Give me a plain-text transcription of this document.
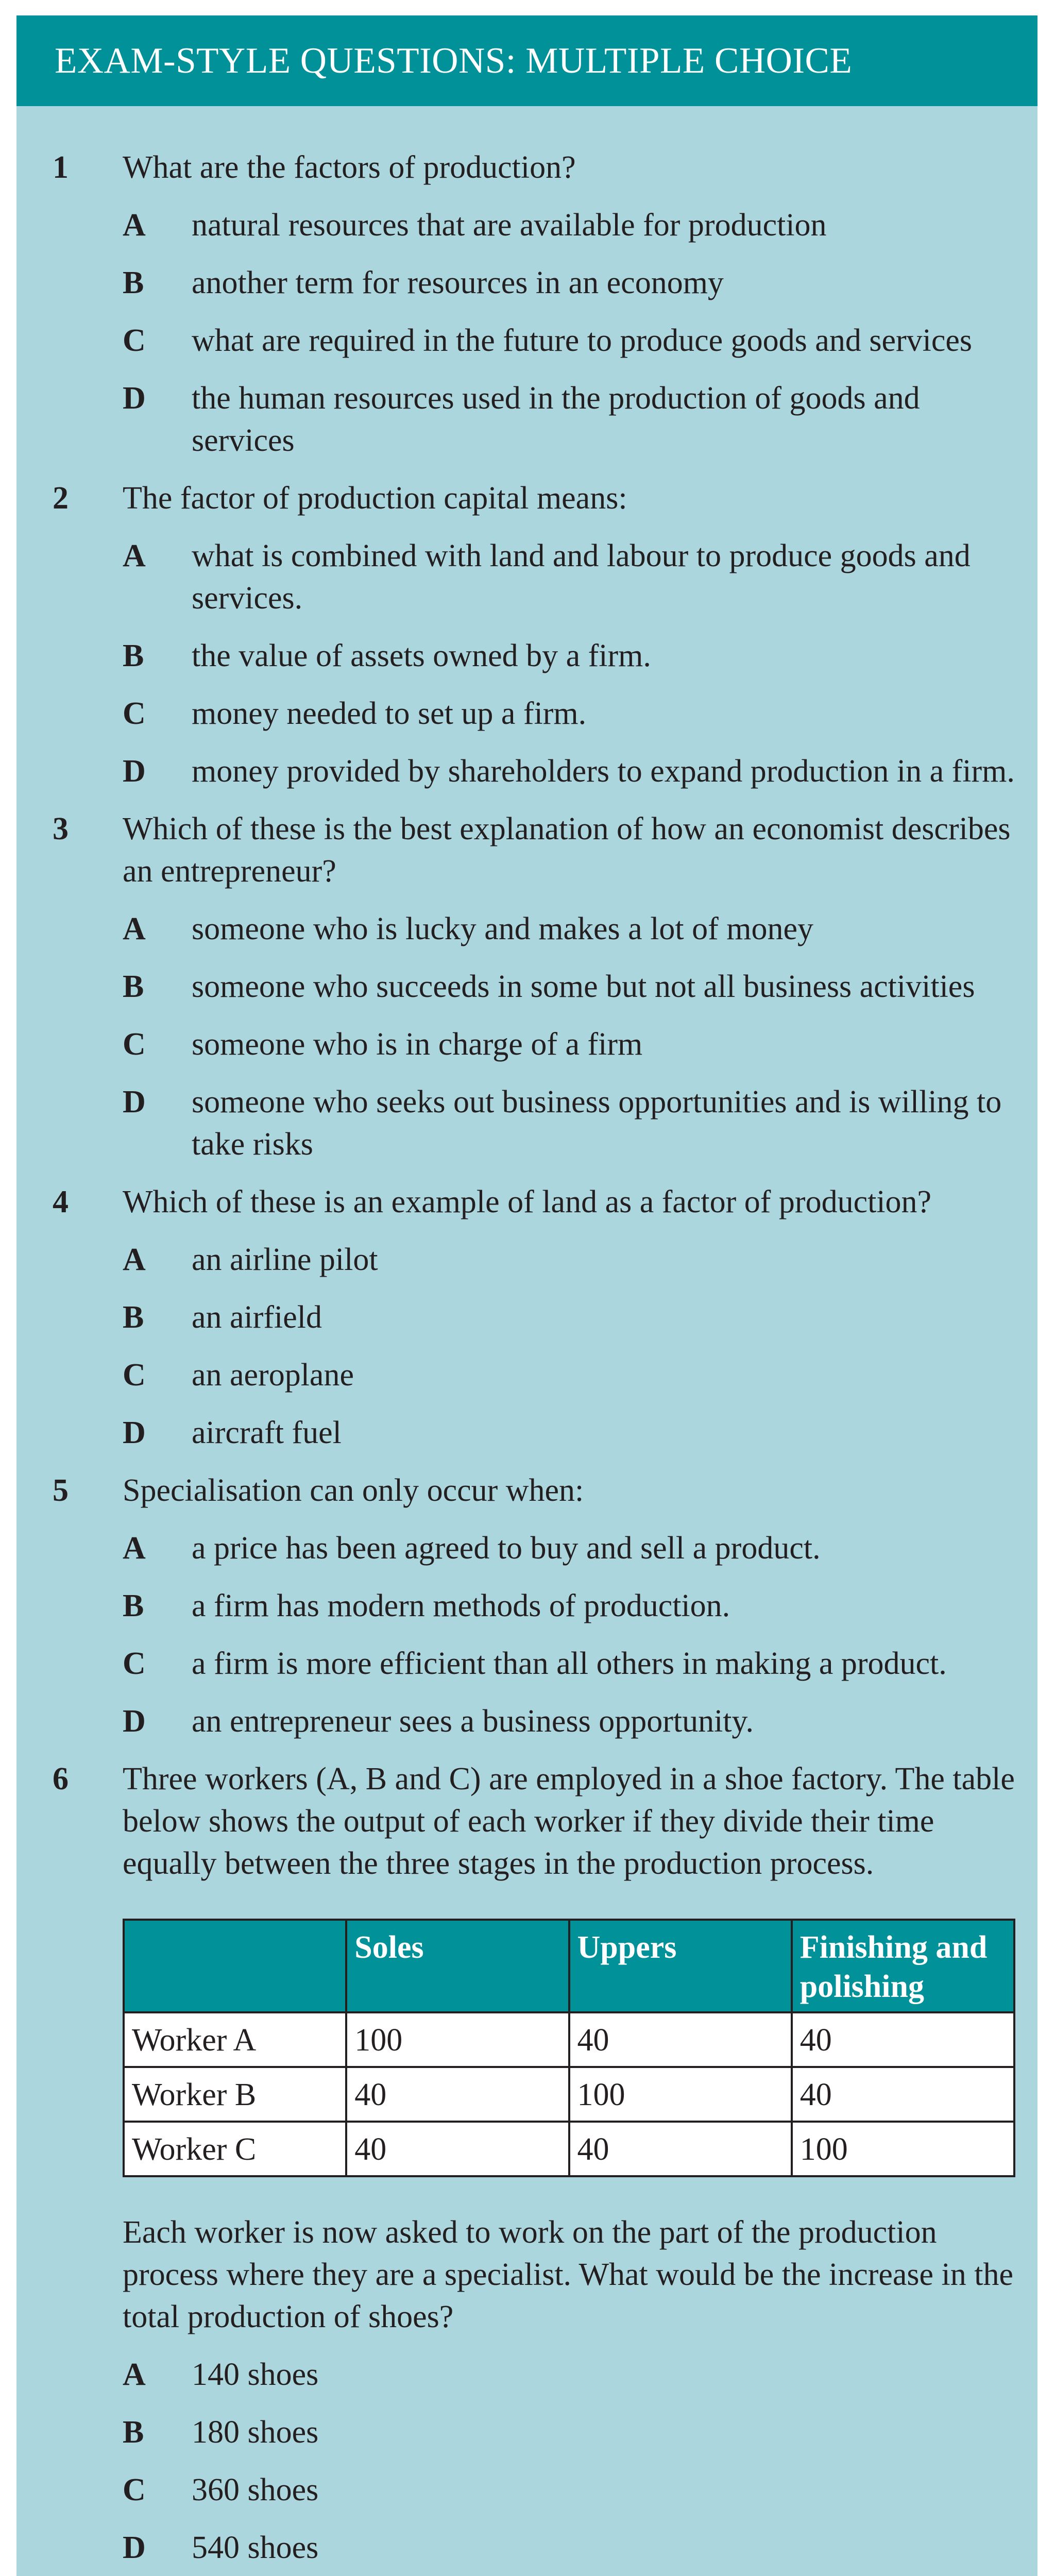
EXAM-STYLE QUESTIONS: MULTIPLE CHOICE
1	What are the factors of production?
A	natural resources that are available for production
B	another term for resources in an economy
C	what are required in the future to produce goods and services
D	the human resources used in the production of goods and services
2	The factor of production capital means:
A	what is combined with land and labour to produce goods and services.
B	the value of assets owned by a firm.
C	money needed to set up a firm.
D	money provided by shareholders to expand production in a firm.
3	Which of these is the best explanation of how an economist describes an entrepreneur?
A	someone who is lucky and makes a lot of money
B	someone who succeeds in some but not all business activities
C	someone who is in charge of a firm
D	someone who seeks out business opportunities and is willing to take risks
4	Which of these is an example of land as a factor of production?
A	an airline pilot
B	an airfield
C	an aeroplane
D	aircraft fuel
5	Specialisation can only occur when:
A	a price has been agreed to buy and sell a product.
B	a firm has modern methods of production.
C	a firm is more efficient than all others in making a product.
D	an entrepreneur sees a business opportunity.
6	Three workers (A, B and C) are employed in a shoe factory. The table below shows the output of each worker if they divide their time equally between the three stages in the production process.
	Soles	Uppers	Finishing and polishing
Worker A	100	40	40
Worker B	40	100	40
Worker C	40	40	100
Each worker is now asked to work on the part of the production process where they are a specialist. What would be the increase in the total production of shoes?
A	140 shoes
B	180 shoes
C	360 shoes
D	540 shoes
